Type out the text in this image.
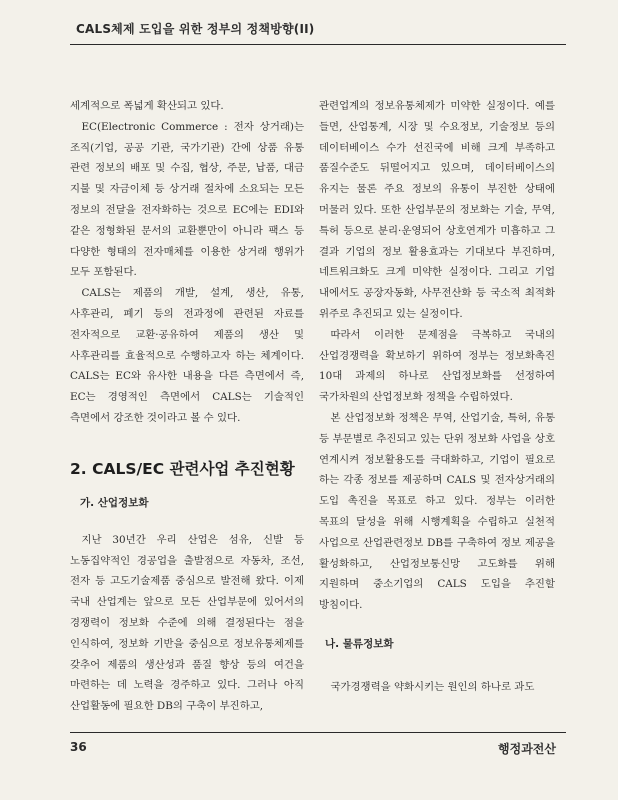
CALS체제 도입을 위한 정부의 정책방향(II)

세계적으로 폭넓게 확산되고 있다.

EC(Electronic Commerce : 전자 상거래)는 조직(기업, 공공 기관, 국가기관) 간에 상품 유통 관련 정보의 배포 및 수집, 협상, 주문, 납품, 대금 지불 및 자금이체 등 상거래 절차에 소요되는 모든 정보의 전달을 전자화하는 것으로 EC에는 EDI와 같은 정형화된 문서의 교환뿐만이 아니라 팩스 등 다양한 형태의 전자매체를 이용한 상거래 행위가 모두 포함된다.

CALS는 제품의 개발, 설계, 생산, 유통, 사후관리, 폐기 등의 전과정에 관련된 자료를 전자적으로 교환·공유하여 제품의 생산 및 사후관리를 효율적으로 수행하고자 하는 체계이다. CALS는 EC와 유사한 내용을 다른 측면에서 즉, EC는 경영적인 측면에서 CALS는 기술적인 측면에서 강조한 것이라고 볼 수 있다.

2. CALS/EC 관련사업 추진현황
가. 산업정보화

지난 30년간 우리 산업은 섬유, 신발 등 노동집약적인 경공업을 출발점으로 자동차, 조선, 전자 등 고도기술제품 중심으로 발전해 왔다. 이제 국내 산업계는 앞으로 모든 산업부문에 있어서의 경쟁력이 정보화 수준에 의해 결정된다는 점을 인식하여, 정보화 기반을 중심으로 정보유통체제를 갖추어 제품의 생산성과 품질 향상 등의 여건을 마련하는 데 노력을 경주하고 있다. 그러나 아직 산업활동에 필요한 DB의 구축이 부진하고,

관련업계의 정보유통체제가 미약한 실정이다. 예를 들면, 산업통계, 시장 및 수요정보, 기술정보 등의 데이터베이스 수가 선진국에 비해 크게 부족하고 품질수준도 뒤떨어지고 있으며, 데이터베이스의 유지는 물론 주요 정보의 유통이 부진한 상태에 머물러 있다. 또한 산업부문의 정보화는 기술, 무역, 특허 등으로 분리·운영되어 상호연계가 미흡하고 그 결과 기업의 정보 활용효과는 기대보다 부진하며, 네트워크화도 크게 미약한 실정이다. 그리고 기업 내에서도 공장자동화, 사무전산화 등 국소적 최적화 위주로 추진되고 있는 실정이다.

따라서 이러한 문제점을 극복하고 국내의 산업경쟁력을 확보하기 위하여 정부는 정보화촉진 10대 과제의 하나로 산업정보화를 선정하여 국가차원의 산업정보화 정책을 수립하였다.

본 산업정보화 정책은 무역, 산업기술, 특허, 유통 등 부문별로 추진되고 있는 단위 정보화 사업을 상호 연계시켜 정보활용도를 극대화하고, 기업이 필요로 하는 각종 정보를 제공하며 CALS 및 전자상거래의 도입 촉진을 목표로 하고 있다. 정부는 이러한 목표의 달성을 위해 시행계획을 수립하고 실천적 사업으로 산업관련정보 DB를 구축하여 정보 제공을 활성화하고, 산업정보통신망 고도화를 위해 지원하며 중소기업의 CALS 도입을 추진할 방침이다.

나. 물류정보화

국가경쟁력을 약화시키는 원인의 하나로 과도

36	행정과전산
